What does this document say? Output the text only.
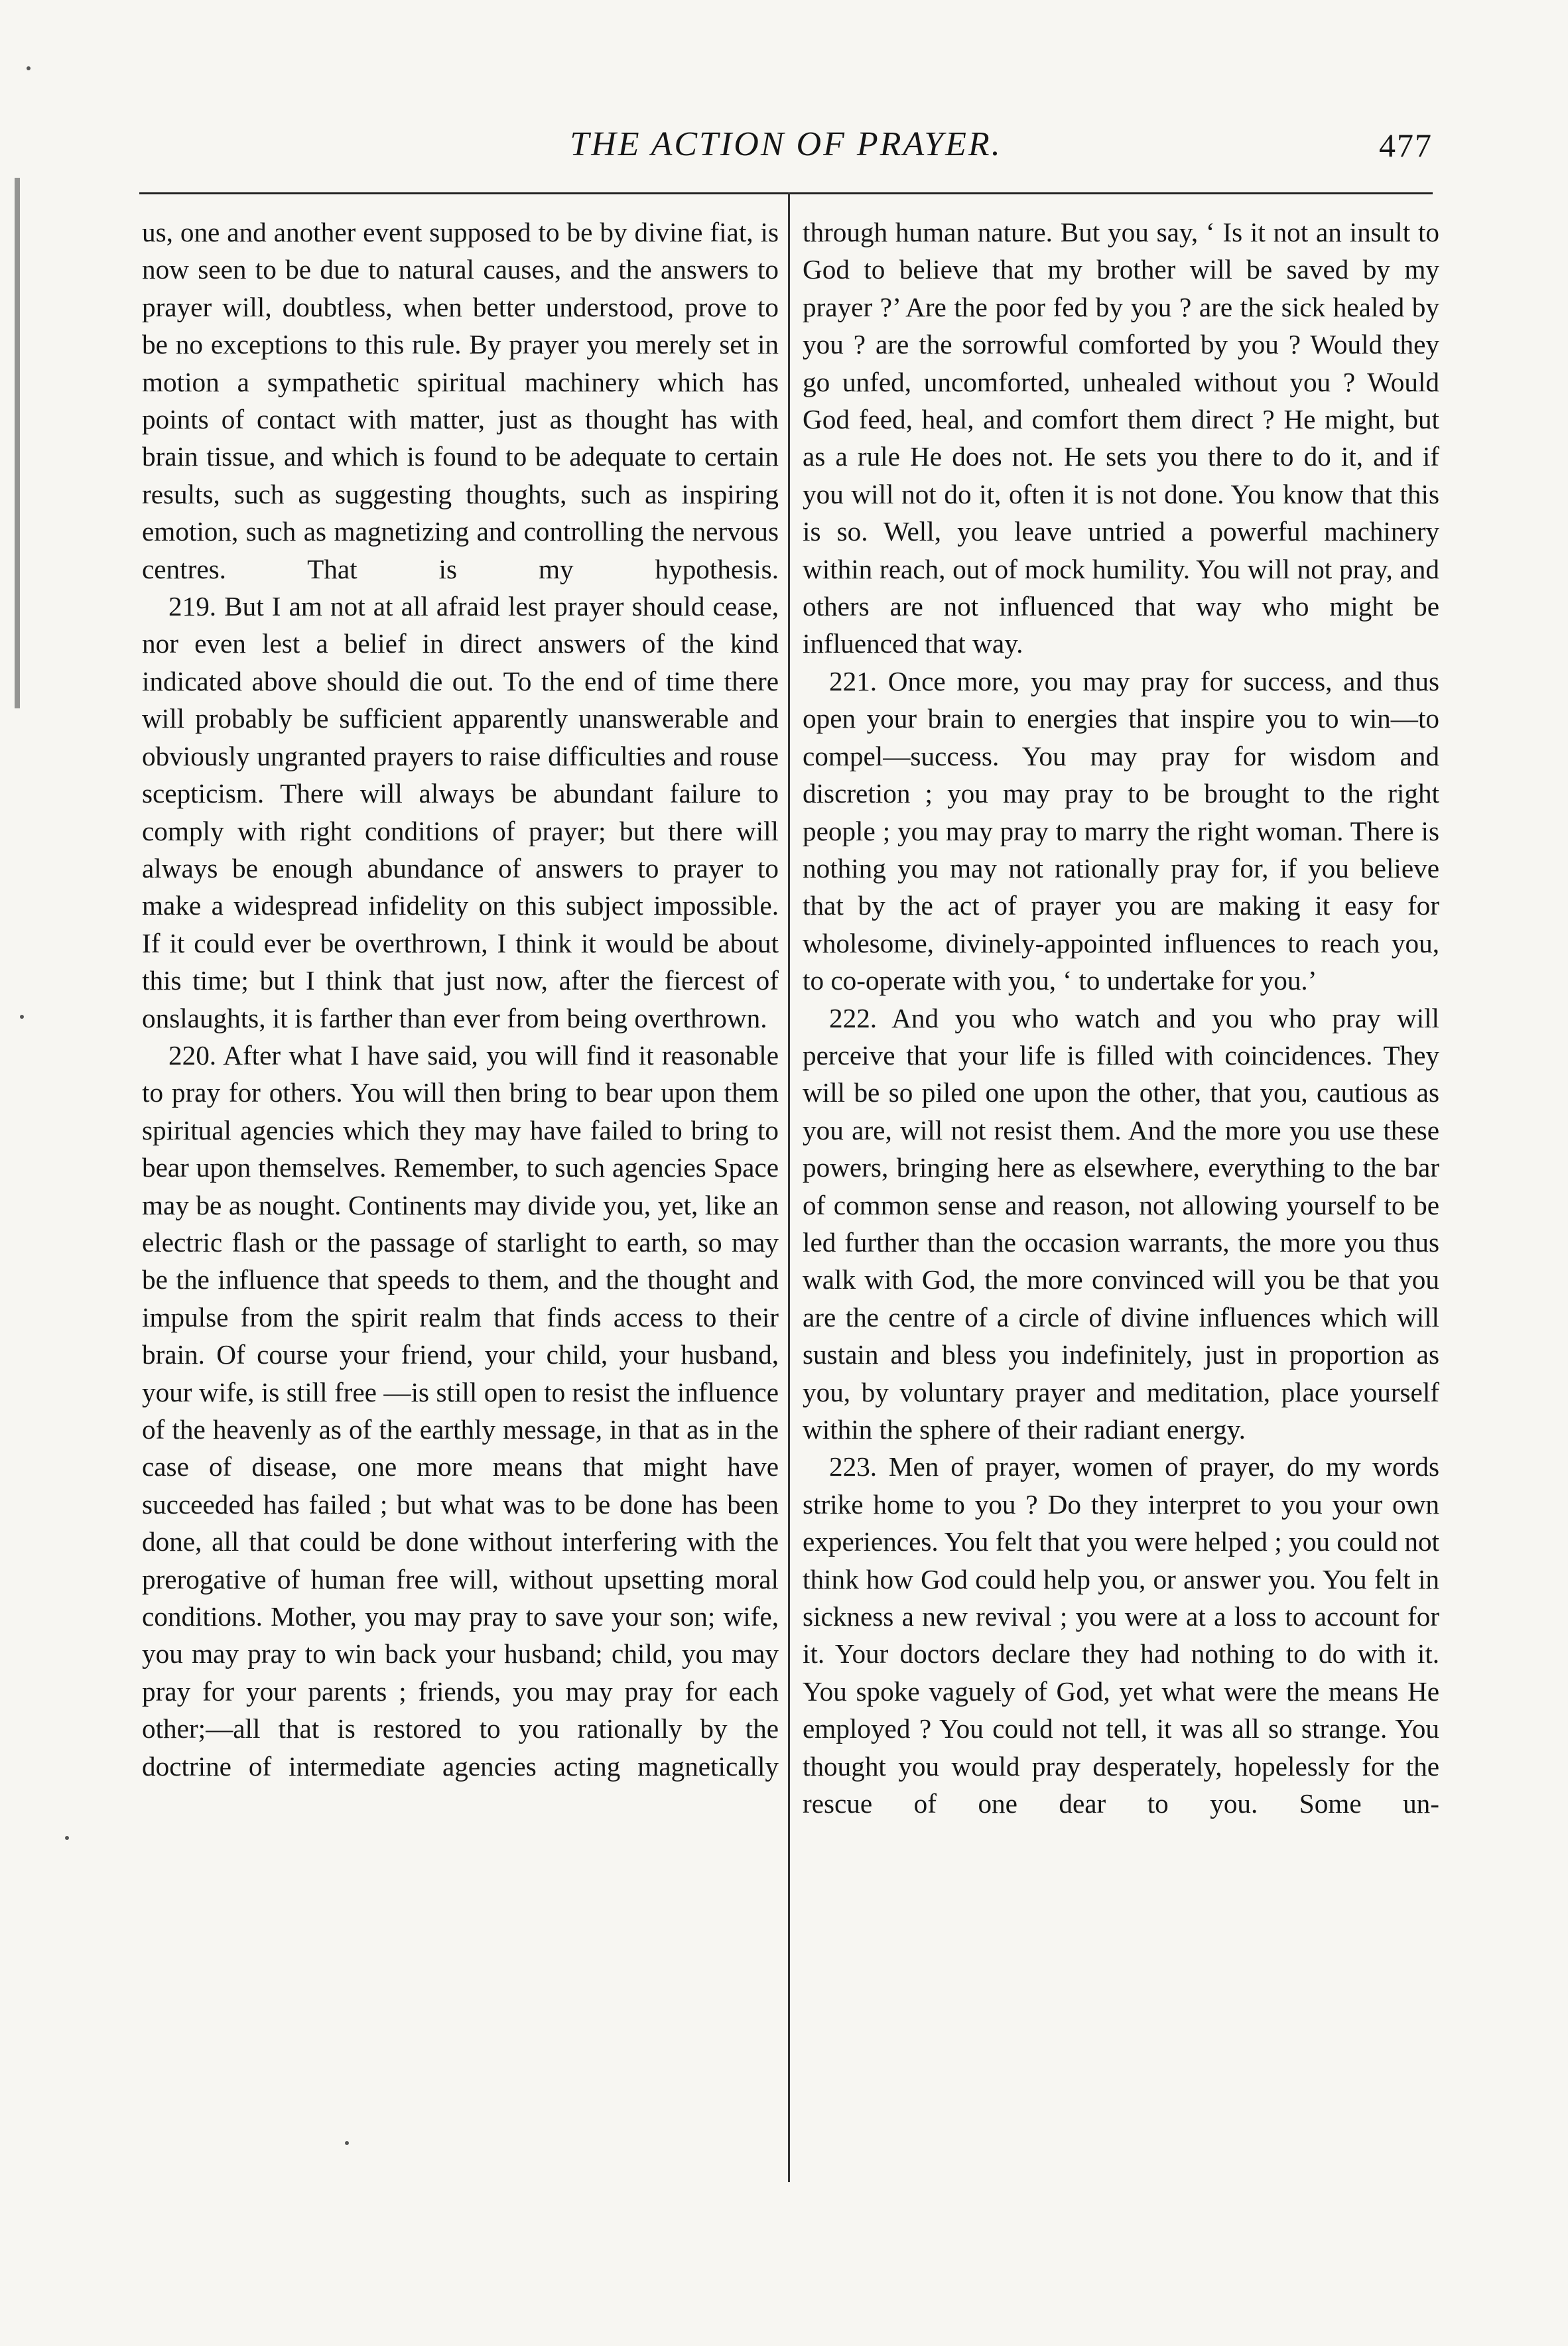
THE ACTION OF PRAYER.	477

us, one and another event supposed to be by divine fiat, is now seen to be due to natural causes, and the answers to prayer will, doubtless, when better understood, prove to be no exceptions to this rule. By prayer you merely set in motion a sympathetic spiritual machinery which has points of contact with matter, just as thought has with brain tissue, and which is found to be adequate to certain results, such as suggesting thoughts, such as inspiring emotion, such as magnetizing and controlling the nervous centres. That is my hypothesis.

219. But I am not at all afraid lest prayer should cease, nor even lest a belief in direct answers of the kind indicated above should die out. To the end of time there will probably be sufficient apparently unanswerable and obviously ungranted prayers to raise difficulties and rouse scepticism. There will always be abundant failure to comply with right conditions of prayer; but there will always be enough abundance of answers to prayer to make a widespread infidelity on this subject impossible. If it could ever be overthrown, I think it would be about this time; but I think that just now, after the fiercest of onslaughts, it is farther than ever from being overthrown.

220. After what I have said, you will find it reasonable to pray for others. You will then bring to bear upon them spiritual agencies which they may have failed to bring to bear upon themselves. Remember, to such agencies Space may be as nought. Continents may divide you, yet, like an electric flash or the passage of starlight to earth, so may be the influence that speeds to them, and the thought and impulse from the spirit realm that finds access to their brain. Of course your friend, your child, your husband, your wife, is still free —is still open to resist the influence of the heavenly as of the earthly message, in that as in the case of disease, one more means that might have succeeded has failed ; but what was to be done has been done, all that could be done without interfering with the prerogative of human free will, without upsetting moral conditions. Mother, you may pray to save your son; wife, you may pray to win back your husband; child, you may pray for your parents ; friends, you may pray for each other;—all that is restored to you rationally by the doctrine of intermediate agencies acting magnetically

through human nature. But you say, ‘ Is it not an insult to God to believe that my brother will be saved by my prayer ?’ Are the poor fed by you ? are the sick healed by you ? are the sorrowful comforted by you ? Would they go unfed, uncomforted, unhealed without you ? Would God feed, heal, and comfort them direct ? He might, but as a rule He does not. He sets you there to do it, and if you will not do it, often it is not done. You know that this is so. Well, you leave untried a powerful machinery within reach, out of mock humility. You will not pray, and others are not influenced that way who might be influenced that way.

221. Once more, you may pray for success, and thus open your brain to energies that inspire you to win—to compel—success. You may pray for wisdom and discretion ; you may pray to be brought to the right people ; you may pray to marry the right woman. There is nothing you may not rationally pray for, if you believe that by the act of prayer you are making it easy for wholesome, divinely-appointed influences to reach you, to co-operate with you, ‘ to undertake for you.’

222. And you who watch and you who pray will perceive that your life is filled with coincidences. They will be so piled one upon the other, that you, cautious as you are, will not resist them. And the more you use these powers, bringing here as elsewhere, everything to the bar of common sense and reason, not allowing yourself to be led further than the occasion warrants, the more you thus walk with God, the more convinced will you be that you are the centre of a circle of divine influences which will sustain and bless you indefinitely, just in proportion as you, by voluntary prayer and meditation, place yourself within the sphere of their radiant energy.

223. Men of prayer, women of prayer, do my words strike home to you ? Do they interpret to you your own experiences. You felt that you were helped ; you could not think how God could help you, or answer you. You felt in sickness a new revival ; you were at a loss to account for it. Your doctors declare they had nothing to do with it. You spoke vaguely of God, yet what were the means He employed ? You could not tell, it was all so strange. You thought you would pray desperately, hopelessly for the rescue of one dear to you. Some un-
